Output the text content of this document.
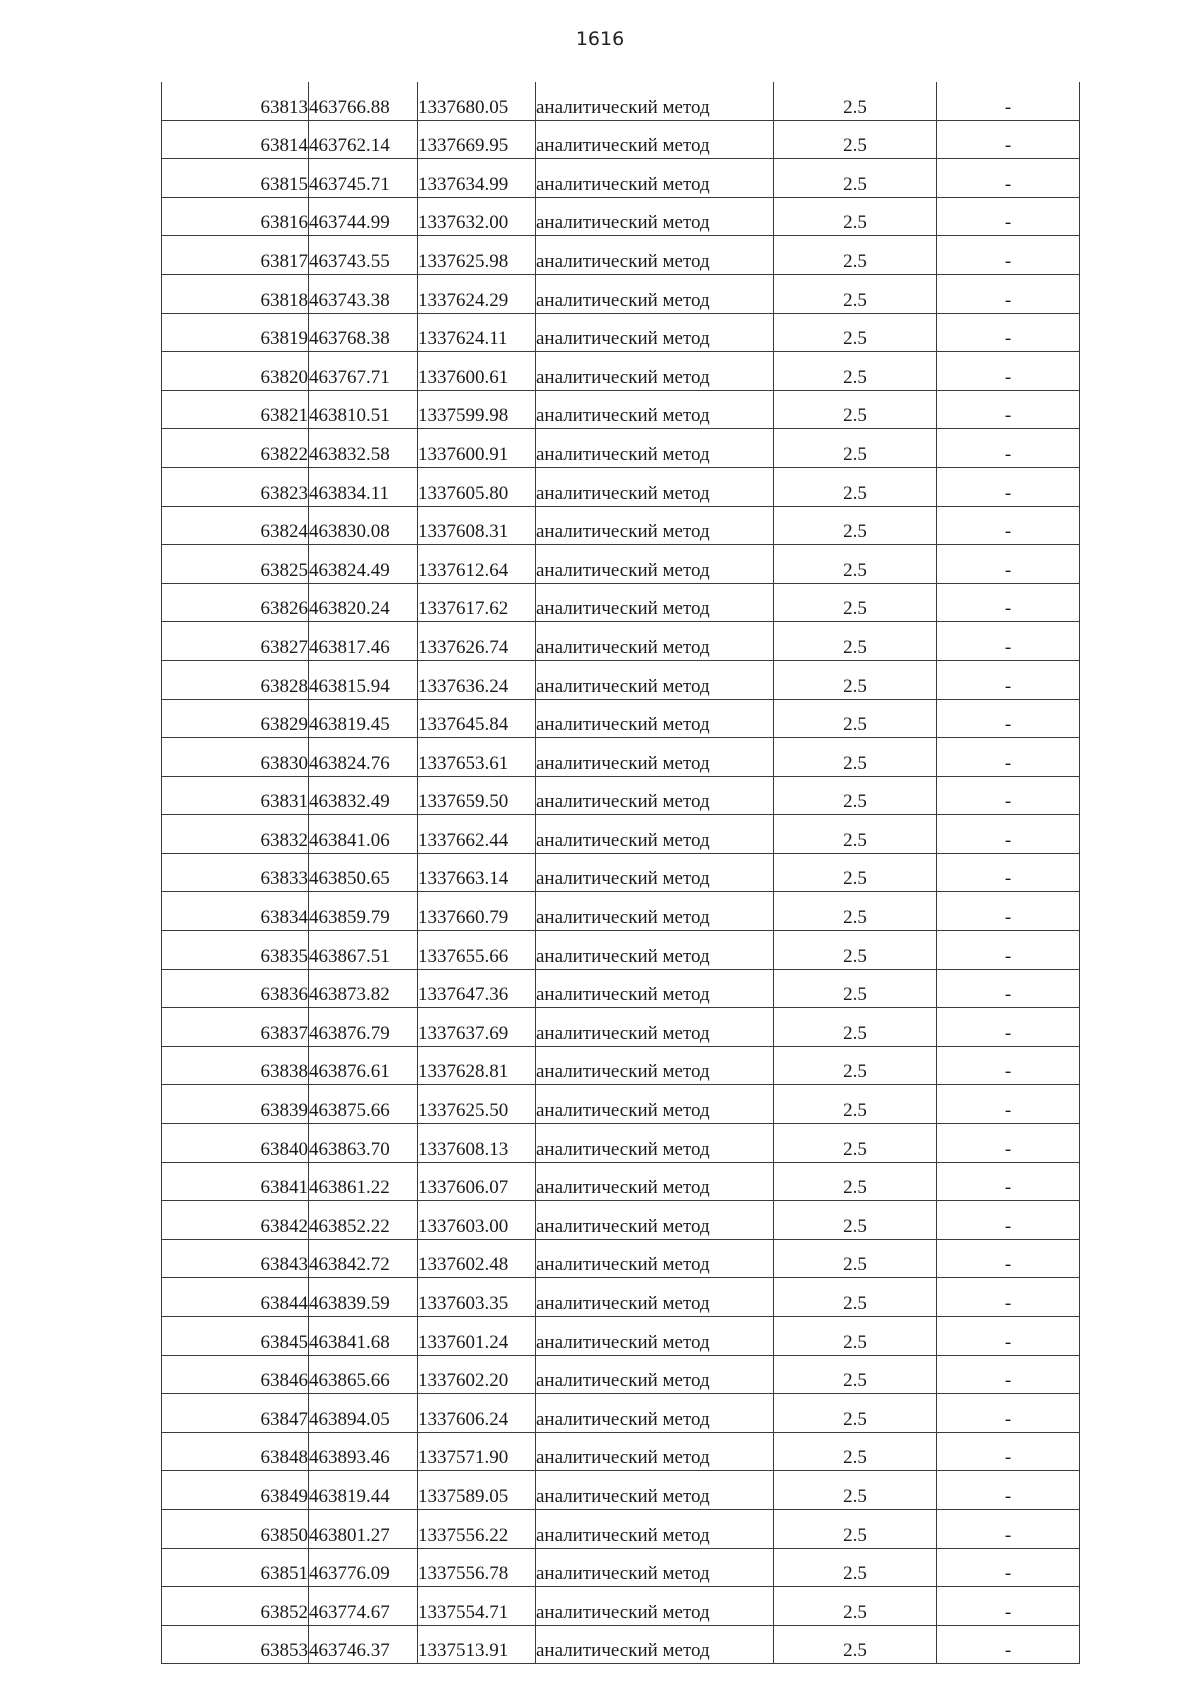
1616
63813	463766.88	1337680.05	аналитический метод	2.5	-
63814	463762.14	1337669.95	аналитический метод	2.5	-
63815	463745.71	1337634.99	аналитический метод	2.5	-
63816	463744.99	1337632.00	аналитический метод	2.5	-
63817	463743.55	1337625.98	аналитический метод	2.5	-
63818	463743.38	1337624.29	аналитический метод	2.5	-
63819	463768.38	1337624.11	аналитический метод	2.5	-
63820	463767.71	1337600.61	аналитический метод	2.5	-
63821	463810.51	1337599.98	аналитический метод	2.5	-
63822	463832.58	1337600.91	аналитический метод	2.5	-
63823	463834.11	1337605.80	аналитический метод	2.5	-
63824	463830.08	1337608.31	аналитический метод	2.5	-
63825	463824.49	1337612.64	аналитический метод	2.5	-
63826	463820.24	1337617.62	аналитический метод	2.5	-
63827	463817.46	1337626.74	аналитический метод	2.5	-
63828	463815.94	1337636.24	аналитический метод	2.5	-
63829	463819.45	1337645.84	аналитический метод	2.5	-
63830	463824.76	1337653.61	аналитический метод	2.5	-
63831	463832.49	1337659.50	аналитический метод	2.5	-
63832	463841.06	1337662.44	аналитический метод	2.5	-
63833	463850.65	1337663.14	аналитический метод	2.5	-
63834	463859.79	1337660.79	аналитический метод	2.5	-
63835	463867.51	1337655.66	аналитический метод	2.5	-
63836	463873.82	1337647.36	аналитический метод	2.5	-
63837	463876.79	1337637.69	аналитический метод	2.5	-
63838	463876.61	1337628.81	аналитический метод	2.5	-
63839	463875.66	1337625.50	аналитический метод	2.5	-
63840	463863.70	1337608.13	аналитический метод	2.5	-
63841	463861.22	1337606.07	аналитический метод	2.5	-
63842	463852.22	1337603.00	аналитический метод	2.5	-
63843	463842.72	1337602.48	аналитический метод	2.5	-
63844	463839.59	1337603.35	аналитический метод	2.5	-
63845	463841.68	1337601.24	аналитический метод	2.5	-
63846	463865.66	1337602.20	аналитический метод	2.5	-
63847	463894.05	1337606.24	аналитический метод	2.5	-
63848	463893.46	1337571.90	аналитический метод	2.5	-
63849	463819.44	1337589.05	аналитический метод	2.5	-
63850	463801.27	1337556.22	аналитический метод	2.5	-
63851	463776.09	1337556.78	аналитический метод	2.5	-
63852	463774.67	1337554.71	аналитический метод	2.5	-
63853	463746.37	1337513.91	аналитический метод	2.5	-
